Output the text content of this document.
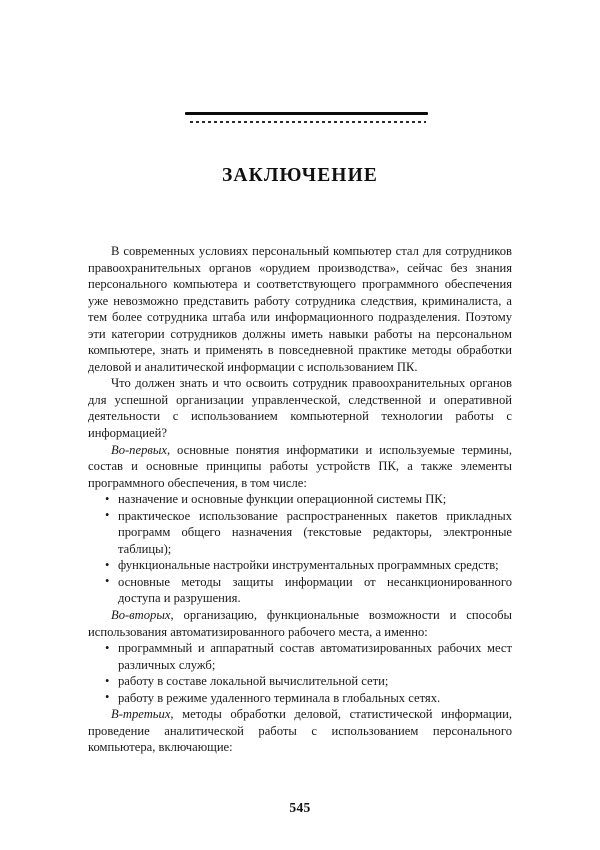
ЗАКЛЮЧЕНИЕ

В современных условиях персональный компьютер стал для сотрудников правоохранительных органов «орудием производства», сейчас без знания персонального компьютера и соответствующего программного обеспечения уже невозможно представить работу сотрудника следствия, криминалиста, а тем более сотрудника штаба или информационного подразделения. Поэтому эти категории сотрудников должны иметь навыки работы на персональном компьютере, знать и применять в повседневной практике методы обработки деловой и аналитической информации с использованием ПК.

Что должен знать и что освоить сотрудник правоохранительных органов для успешной организации управленческой, следственной и оперативной деятельности с использованием компьютерной технологии работы с информацией?

Во-первых, основные понятия информатики и используемые термины, состав и основные принципы работы устройств ПК, а также элементы программного обеспечения, в том числе:

• назначение и основные функции операционной системы ПК;
• практическое использование распространенных пакетов прикладных программ общего назначения (текстовые редакторы, электронные таблицы);
• функциональные настройки инструментальных программных средств;
• основные методы защиты информации от несанкционированного доступа и разрушения.

Во-вторых, организацию, функциональные возможности и способы использования автоматизированного рабочего места, а именно:

• программный и аппаратный состав автоматизированных рабочих мест различных служб;
• работу в составе локальной вычислительной сети;
• работу в режиме удаленного терминала в глобальных сетях.

В-третьих, методы обработки деловой, статистической информации, проведение аналитической работы с использованием персонального компьютера, включающие:

545
